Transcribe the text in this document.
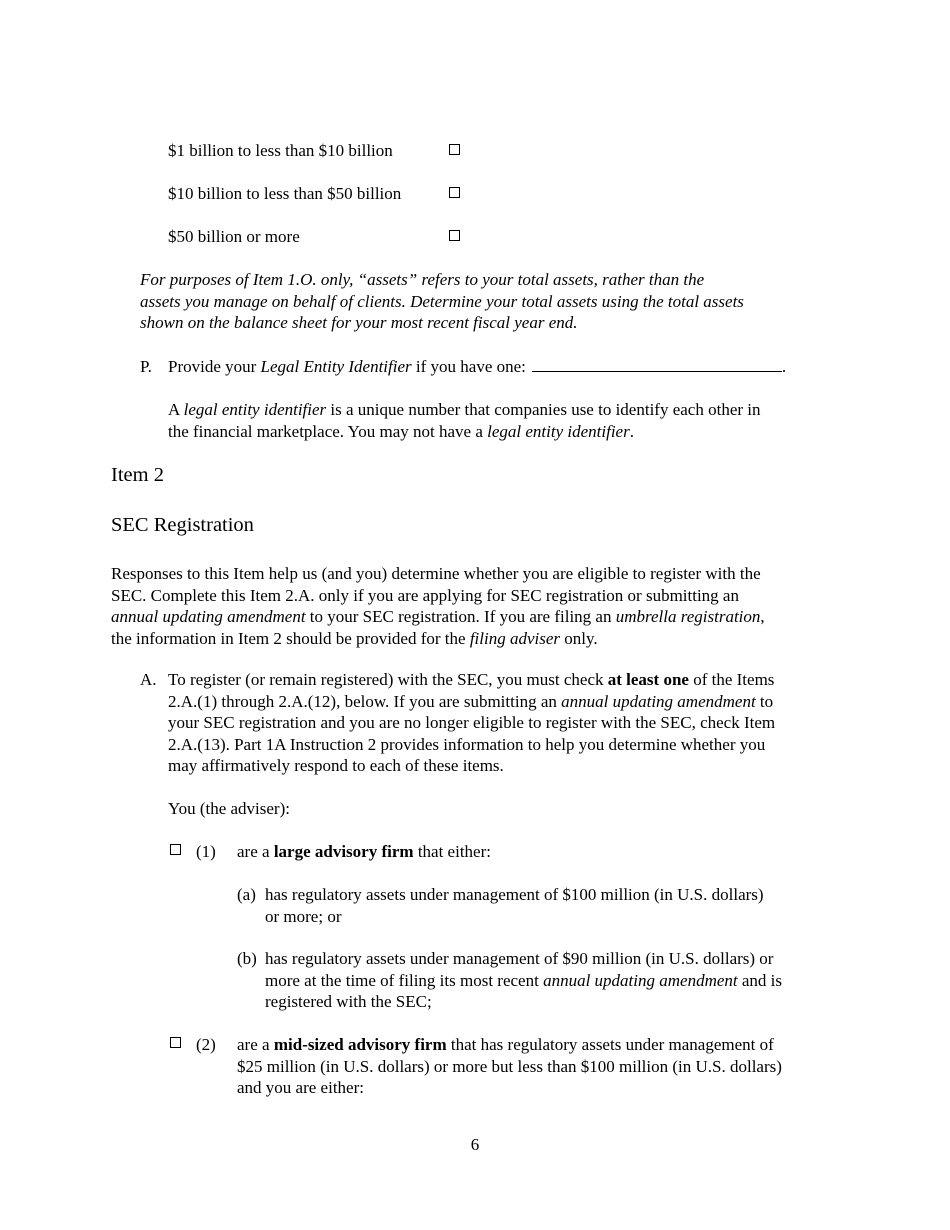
$1 billion to less than $10 billion
$10 billion to less than $50 billion
$50 billion or more
For purposes of Item 1.O. only, “assets” refers to your total assets, rather than the
assets you manage on behalf of clients. Determine your total assets using the total assets
shown on the balance sheet for your most recent fiscal year end.
P. Provide your Legal Entity Identifier if you have one:	.
A legal entity identifier is a unique number that companies use to identify each other in
the financial marketplace. You may not have a legal entity identifier.
Item 2
SEC Registration
Responses to this Item help us (and you) determine whether you are eligible to register with the
SEC. Complete this Item 2.A. only if you are applying for SEC registration or submitting an
annual updating amendment to your SEC registration. If you are filing an umbrella registration,
the information in Item 2 should be provided for the filing adviser only.
A. To register (or remain registered) with the SEC, you must check at least one of the Items
2.A.(1) through 2.A.(12), below. If you are submitting an annual updating amendment to
your SEC registration and you are no longer eligible to register with the SEC, check Item
2.A.(13). Part 1A Instruction 2 provides information to help you determine whether you
may affirmatively respond to each of these items.
You (the adviser):
(1) are a large advisory firm that either:
(a) has regulatory assets under management of $100 million (in U.S. dollars)
or more; or
(b) has regulatory assets under management of $90 million (in U.S. dollars) or
more at the time of filing its most recent annual updating amendment and is
registered with the SEC;
(2) are a mid-sized advisory firm that has regulatory assets under management of
$25 million (in U.S. dollars) or more but less than $100 million (in U.S. dollars)
and you are either:
6
